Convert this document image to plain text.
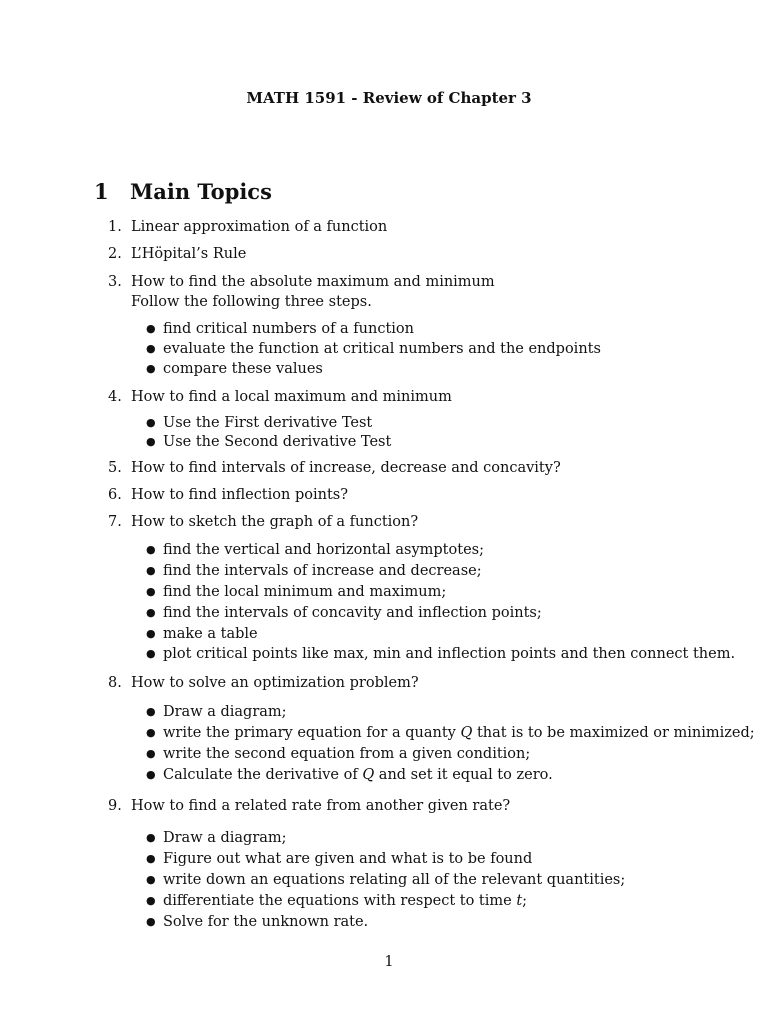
MATH 1591 - Review of Chapter 3
1 Main Topics
1. Linear approximation of a function
2. L’Höpital’s Rule
3. How to find the absolute maximum and minimum
Follow the following three steps.
● find critical numbers of a function
● evaluate the function at critical numbers and the endpoints
● compare these values
4. How to find a local maximum and minimum
● Use the First derivative Test
● Use the Second derivative Test
5. How to find intervals of increase, decrease and concavity?
6. How to find inflection points?
7. How to sketch the graph of a function?
● find the vertical and horizontal asymptotes;
● find the intervals of increase and decrease;
● find the local minimum and maximum;
● find the intervals of concavity and inflection points;
● make a table
● plot critical points like max, min and inflection points and then connect them.
8. How to solve an optimization problem?
● Draw a diagram;
● write the primary equation for a quanty Q that is to be maximized or minimized;
● write the second equation from a given condition;
● Calculate the derivative of Q and set it equal to zero.
9. How to find a related rate from another given rate?
● Draw a diagram;
● Figure out what are given and what is to be found
● write down an equations relating all of the relevant quantities;
● differentiate the equations with respect to time t;
● Solve for the unknown rate.
1
